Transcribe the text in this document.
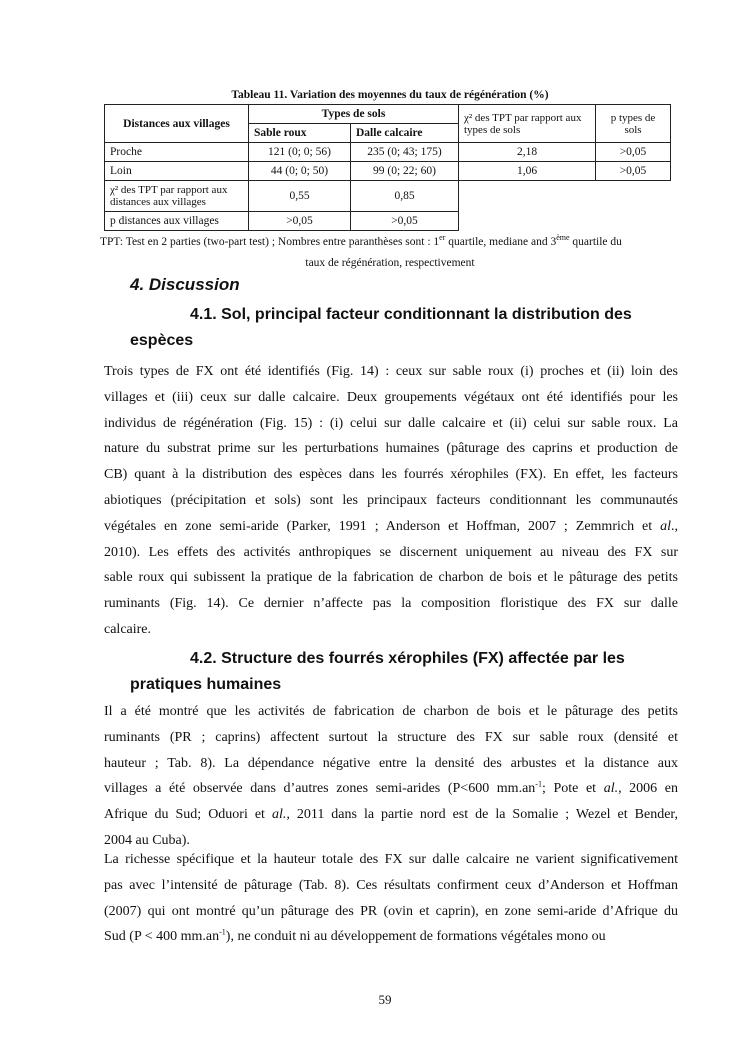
Tableau 11. Variation des moyennes du taux de régénération (%)
Distances aux villages	Types de sols		χ² des TPT par rapport aux types de sols	p types de sols
	Sable roux	Dalle calcaire		
Proche	121 (0; 0; 56)	235 (0; 43; 175)	2,18	>0,05
Loin	44 (0; 0; 50)	99 (0; 22; 60)	1,06	>0,05
χ² des TPT par rapport aux distances aux villages	0,55	0,85		
p distances aux villages	>0,05	>0,05		
TPT: Test en 2 parties (two-part test) ; Nombres entre paranthèses sont : 1er quartile, mediane and 3ème quartile du
taux de régénération, respectivement
4. Discussion
4.1. Sol, principal facteur conditionnant la distribution des
espèces
Trois types de FX ont été identifiés (Fig. 14) : ceux sur sable roux (i) proches et (ii) loin des
villages et (iii) ceux sur dalle calcaire. Deux groupements végétaux ont été identifiés pour les
individus de régénération (Fig. 15) : (i) celui sur dalle calcaire et (ii) celui sur sable roux. La
nature du substrat prime sur les perturbations humaines (pâturage des caprins et production de
CB) quant à la distribution des espèces dans les fourrés xérophiles (FX). En effet, les facteurs
abiotiques (précipitation et sols) sont les principaux facteurs conditionnant les communautés
végétales en zone semi-aride (Parker, 1991 ; Anderson et Hoffman, 2007 ; Zemmrich et al.,
2010). Les effets des activités anthropiques se discernent uniquement au niveau des FX sur
sable roux qui subissent la pratique de la fabrication de charbon de bois et le pâturage des petits
ruminants (Fig. 14). Ce dernier n’affecte pas la composition floristique des FX sur dalle
calcaire.
4.2. Structure des fourrés xérophiles (FX) affectée par les
pratiques humaines
Il a été montré que les activités de fabrication de charbon de bois et le pâturage des petits
ruminants (PR ; caprins) affectent surtout la structure des FX sur sable roux (densité et
hauteur ; Tab. 8). La dépendance négative entre la densité des arbustes et la distance aux
villages a été observée dans d’autres zones semi-arides (P<600 $mm.an^{-1}$; Pote et al., 2006 en
Afrique du Sud; Oduori et al., 2011 dans la partie nord est de la Somalie ; Wezel et Bender,
2004 au Cuba).
La richesse spécifique et la hauteur totale des FX sur dalle calcaire ne varient significativement
pas avec l’intensité de pâturage (Tab. 8). Ces résultats confirment ceux d’Anderson et Hoffman
(2007) qui ont montré qu’un pâturage des PR (ovin et caprin), en zone semi-aride d’Afrique du
Sud (P < 400 $mm.an^{-1}$), ne conduit ni au développement de formations végétales mono ou
59
